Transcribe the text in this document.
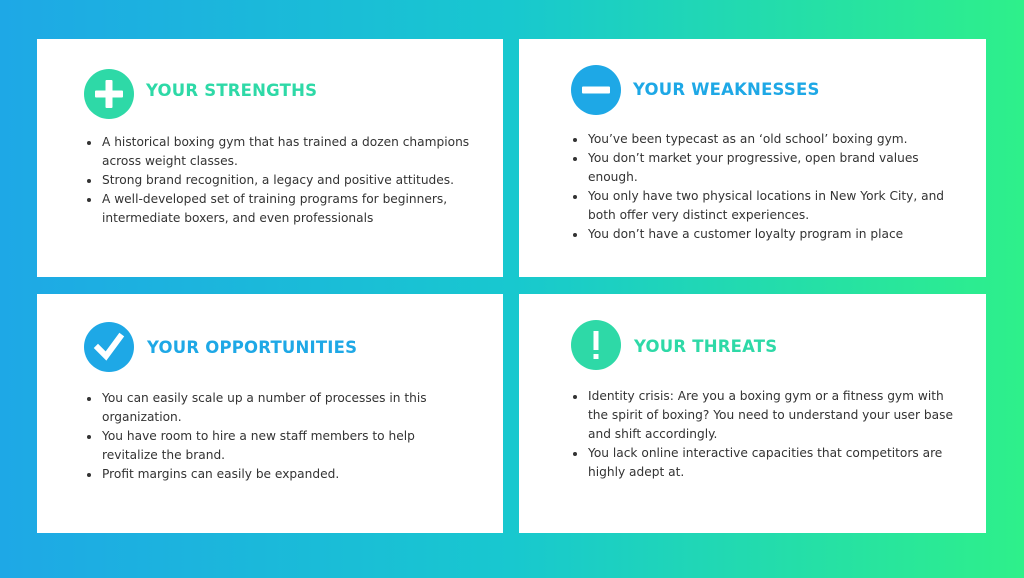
YOUR STRENGTHS
• A historical boxing gym that has trained a dozen champions across weight classes.
• Strong brand recognition, a legacy and positive attitudes.
• A well-developed set of training programs for beginners, intermediate boxers, and even professionals
YOUR WEAKNESSES
• You’ve been typecast as an ‘old school’ boxing gym.
• You don’t market your progressive, open brand values enough.
• You only have two physical locations in New York City, and both offer very distinct experiences.
• You don’t have a customer loyalty program in place
YOUR OPPORTUNITIES
• You can easily scale up a number of processes in this organization.
• You have room to hire a new staff members to help revitalize the brand.
• Profit margins can easily be expanded.
YOUR THREATS
• Identity crisis: Are you a boxing gym or a fitness gym with the spirit of boxing? You need to understand your user base and shift accordingly.
• You lack online interactive capacities that competitors are highly adept at.
